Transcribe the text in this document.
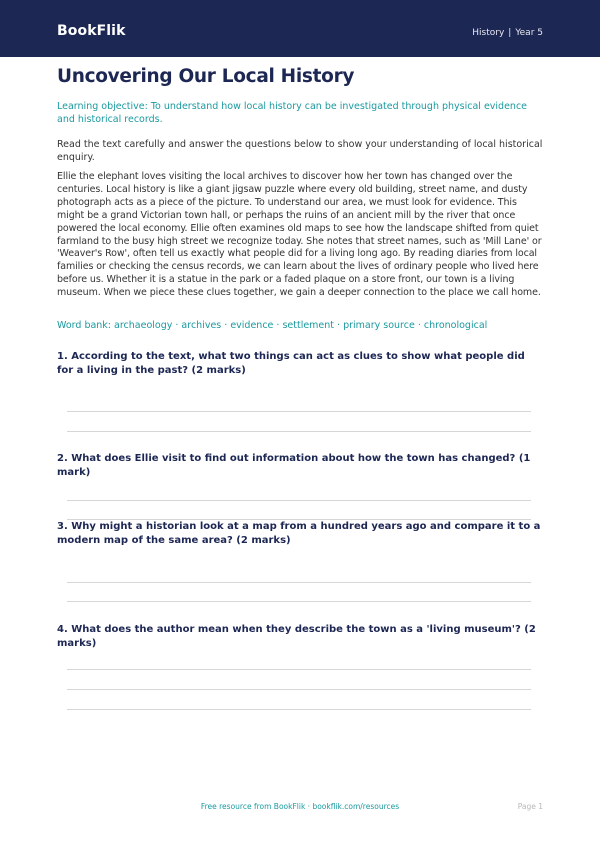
BookFlik	History | Year 5
Uncovering Our Local History

Learning objective: To understand how local history can be investigated through physical evidence and historical records.

Read the text carefully and answer the questions below to show your understanding of local historical enquiry.

Ellie the elephant loves visiting the local archives to discover how her town has changed over the centuries. Local history is like a giant jigsaw puzzle where every old building, street name, and dusty photograph acts as a piece of the picture. To understand our area, we must look for evidence. This might be a grand Victorian town hall, or perhaps the ruins of an ancient mill by the river that once powered the local economy. Ellie often examines old maps to see how the landscape shifted from quiet farmland to the busy high street we recognize today. She notes that street names, such as 'Mill Lane' or 'Weaver's Row', often tell us exactly what people did for a living long ago. By reading diaries from local families or checking the census records, we can learn about the lives of ordinary people who lived here before us. Whether it is a statue in the park or a faded plaque on a store front, our town is a living museum. When we piece these clues together, we gain a deeper connection to the place we call home.

Word bank: archaeology · archives · evidence · settlement · primary source · chronological

1. According to the text, what two things can act as clues to show what people did for a living in the past? (2 marks)
2. What does Ellie visit to find out information about how the town has changed? (1 mark)
3. Why might a historian look at a map from a hundred years ago and compare it to a modern map of the same area? (2 marks)
4. What does the author mean when they describe the town as a 'living museum'? (2 marks)
Free resource from BookFlik · bookflik.com/resources	Page 1
